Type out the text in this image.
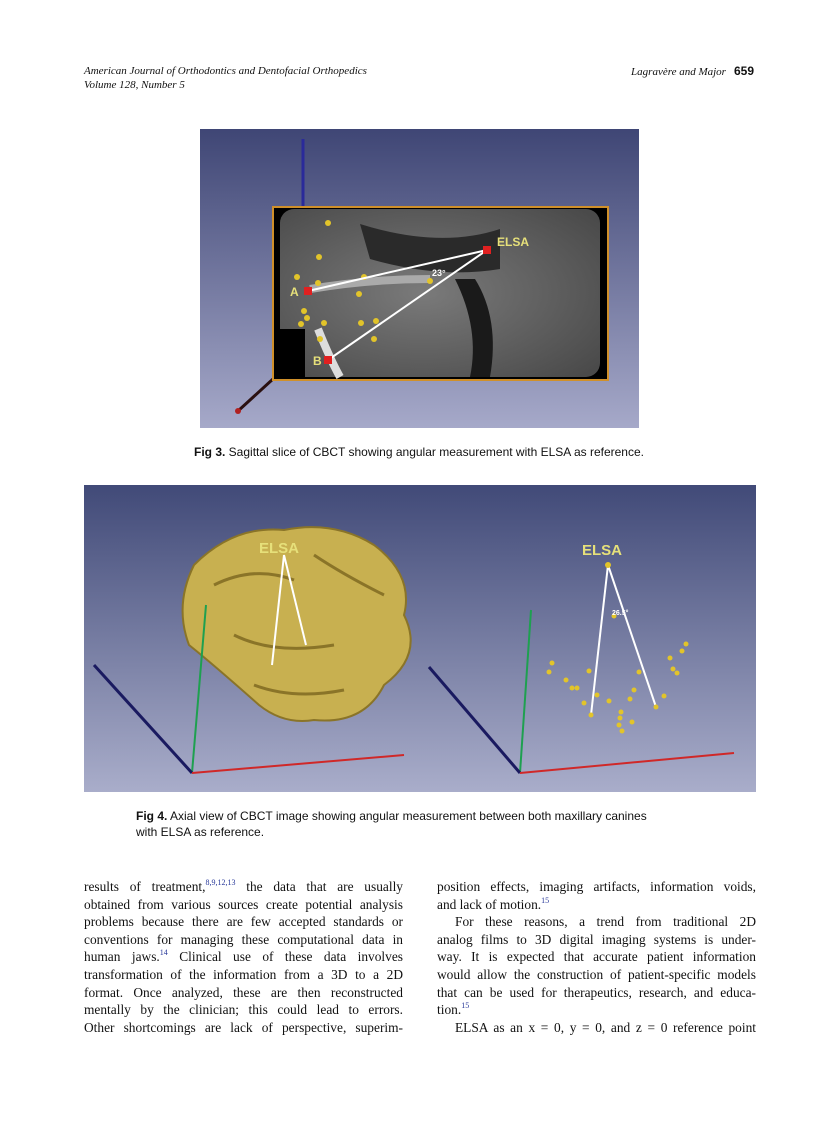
American Journal of Orthodontics and Dentofacial Orthopedics
Volume 128, Number 5
Lagravère and Major 659
ELSA
A
B
23°
Fig 3. Sagittal slice of CBCT showing angular measurement with ELSA as reference.
ELSA	ELSA
26.5°
Fig 4. Axial view of CBCT image showing angular measurement between both maxillary canines
with ELSA as reference.
results of treatment,$^{8,9,12,13}$ the data that are usually
obtained from various sources create potential analysis
problems because there are few accepted standards or
conventions for managing these computational data in
human jaws.$^{14}$ Clinical use of these data involves
transformation of the information from a 3D to a 2D
format. Once analyzed, these are then reconstructed
mentally by the clinician; this could lead to errors.
Other shortcomings are lack of perspective, superim-
position effects, imaging artifacts, information voids,
and lack of motion.$^{15}$
For these reasons, a trend from traditional 2D
analog films to 3D digital imaging systems is under-
way. It is expected that accurate patient information
would allow the construction of patient-specific models
that can be used for therapeutics, research, and educa-
tion.$^{15}$
ELSA as an x = 0, y = 0, and z = 0 reference point
